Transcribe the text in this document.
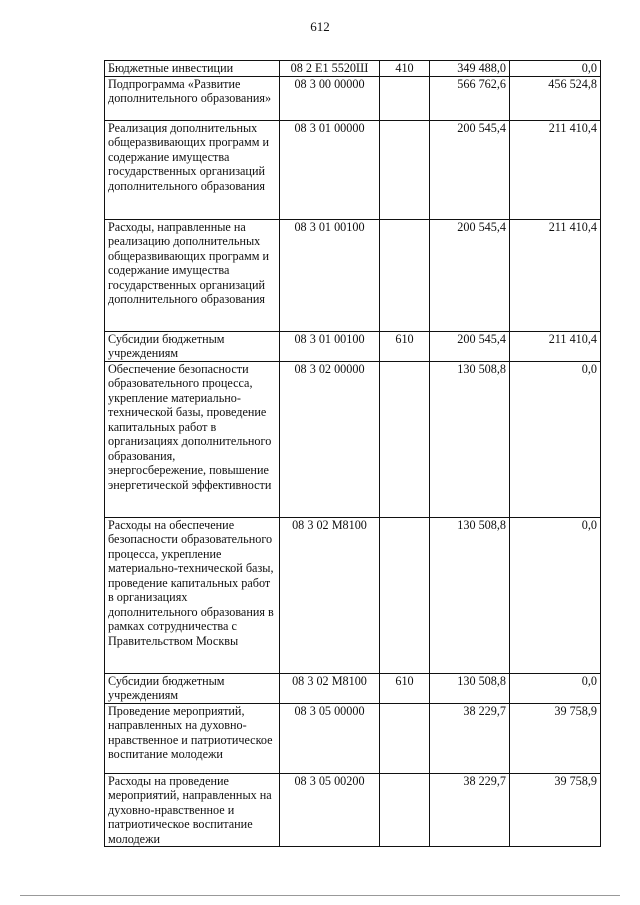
612
Бюджетные инвестиции	08 2 Е1 5520Ш	410	349 488,0	0,0
Подпрограмма «Развитие дополнительного образования»	08 3 00 00000		566 762,6	456 524,8
Реализация дополнительных общеразвивающих программ и содержание имущества государственных организаций дополнительного образования	08 3 01 00000		200 545,4	211 410,4
Расходы, направленные на реализацию дополнительных общеразвивающих программ и содержание имущества государственных организаций дополнительного образования	08 3 01 00100		200 545,4	211 410,4
Субсидии бюджетным учреждениям	08 3 01 00100	610	200 545,4	211 410,4
Обеспечение безопасности образовательного процесса, укрепление материально-технической базы, проведение капитальных работ в организациях дополнительного образования, энергосбережение, повышение энергетической эффективности	08 3 02 00000		130 508,8	0,0
Расходы на обеспечение безопасности образовательного процесса, укрепление материально-технической базы, проведение капитальных работ в организациях дополнительного образования в рамках сотрудничества с Правительством Москвы	08 3 02 М8100		130 508,8	0,0
Субсидии бюджетным учреждениям	08 3 02 М8100	610	130 508,8	0,0
Проведение мероприятий, направленных на духовно-нравственное и патриотическое воспитание молодежи	08 3 05 00000		38 229,7	39 758,9
Расходы на проведение мероприятий, направленных на духовно-нравственное и патриотическое воспитание молодежи	08 3 05 00200		38 229,7	39 758,9
